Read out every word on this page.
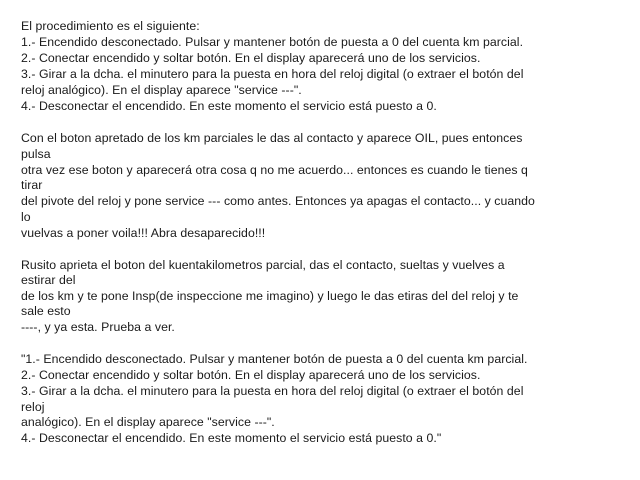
El procedimiento es el siguiente:
1.- Encendido desconectado. Pulsar y mantener botón de puesta a 0 del cuenta km parcial.
2.- Conectar encendido y soltar botón. En el display aparecerá uno de los servicios.
3.- Girar a la dcha. el minutero para la puesta en hora del reloj digital (o extraer el botón del
reloj analógico). En el display aparece "service ---".
4.- Desconectar el encendido. En este momento el servicio está puesto a 0.
Con el boton apretado de los km parciales le das al contacto y aparece OIL, pues entonces
pulsa
otra vez ese boton y aparecerá otra cosa q no me acuerdo... entonces es cuando le tienes q
tirar
del pivote del reloj y pone service --- como antes. Entonces ya apagas el contacto... y cuando
lo
vuelvas a poner voila!!! Abra desaparecido!!!
Rusito aprieta el boton del kuentakilometros parcial, das el contacto, sueltas y vuelves a
estirar del
de los km y te pone Insp(de inspeccione me imagino) y luego le das etiras del del reloj y te
sale esto
----, y ya esta. Prueba a ver.
"1.- Encendido desconectado. Pulsar y mantener botón de puesta a 0 del cuenta km parcial.
2.- Conectar encendido y soltar botón. En el display aparecerá uno de los servicios.
3.- Girar a la dcha. el minutero para la puesta en hora del reloj digital (o extraer el botón del
reloj
analógico). En el display aparece "service ---".
4.- Desconectar el encendido. En este momento el servicio está puesto a 0."
